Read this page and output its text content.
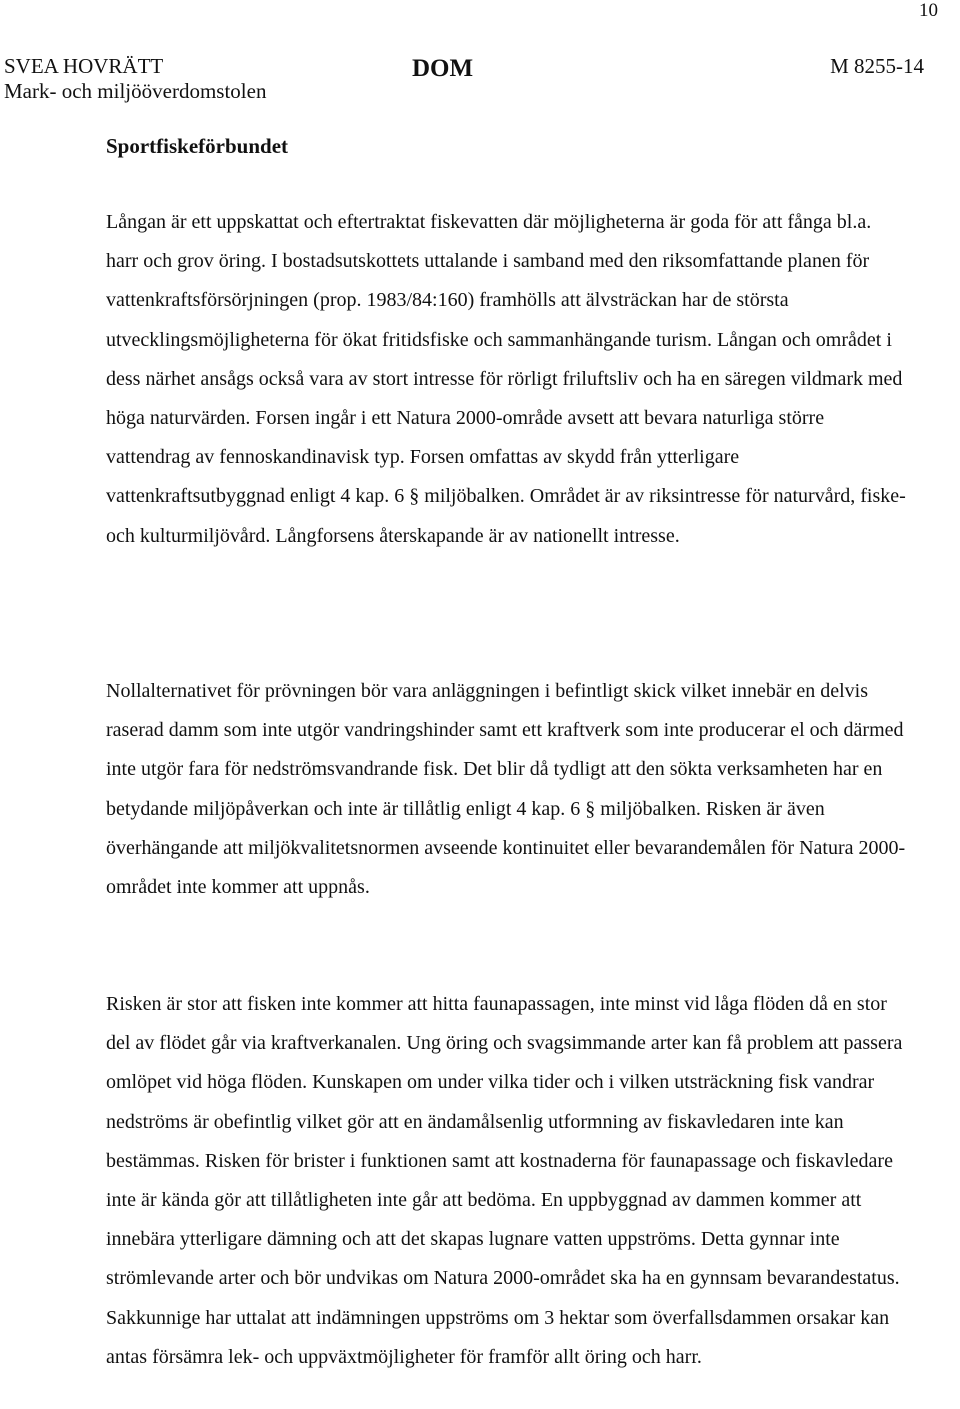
10
SVEA HOVRÄTT
Mark- och miljööverdomstolen
DOM	M 8255-14
Sportfiskeförbundet

Långan är ett uppskattat och eftertraktat fiskevatten där möjligheterna är goda för att fånga bl.a. harr och grov öring. I bostadsutskottets uttalande i samband med den riksomfattande planen för vattenkraftsförsörjningen (prop. 1983/84:160) framhölls att älvsträckan har de största utvecklingsmöjligheterna för ökat fritidsfiske och sammanhängande turism. Långan och området i dess närhet ansågs också vara av stort intresse för rörligt friluftsliv och ha en säregen vildmark med höga naturvärden. Forsen ingår i ett Natura 2000-område avsett att bevara naturliga större vattendrag av fennoskandinavisk typ. Forsen omfattas av skydd från ytterligare vattenkraftsutbyggnad enligt 4 kap. 6 § miljöbalken. Området är av riksintresse för naturvård, fiske- och kulturmiljövård. Långforsens återskapande är av nationellt intresse.

Nollalternativet för prövningen bör vara anläggningen i befintligt skick vilket innebär en delvis raserad damm som inte utgör vandringshinder samt ett kraftverk som inte producerar el och därmed inte utgör fara för nedströmsvandrande fisk. Det blir då tydligt att den sökta verksamheten har en betydande miljöpåverkan och inte är tillåtlig enligt 4 kap. 6 § miljöbalken. Risken är även överhängande att miljökvalitetsnormen avseende kontinuitet eller bevarandemålen för Natura 2000-området inte kommer att uppnås.

Risken är stor att fisken inte kommer att hitta faunapassagen, inte minst vid låga flöden då en stor del av flödet går via kraftverkanalen. Ung öring och svagsimmande arter kan få problem att passera omlöpet vid höga flöden. Kunskapen om under vilka tider och i vilken utsträckning fisk vandrar nedströms är obefintlig vilket gör att en ändamålsenlig utformning av fiskavledaren inte kan bestämmas. Risken för brister i funktionen samt att kostnaderna för faunapassage och fiskavledare inte är kända gör att tillåtligheten inte går att bedöma. En uppbyggnad av dammen kommer att innebära ytterligare dämning och att det skapas lugnare vatten uppströms. Detta gynnar inte strömlevande arter och bör undvikas om Natura 2000-området ska ha en gynnsam bevarandestatus. Sakkunnige har uttalat att indämningen uppströms om 3 hektar som överfallsdammen orsakar kan antas försämra lek- och uppväxtmöjligheter för framför allt öring och harr.
